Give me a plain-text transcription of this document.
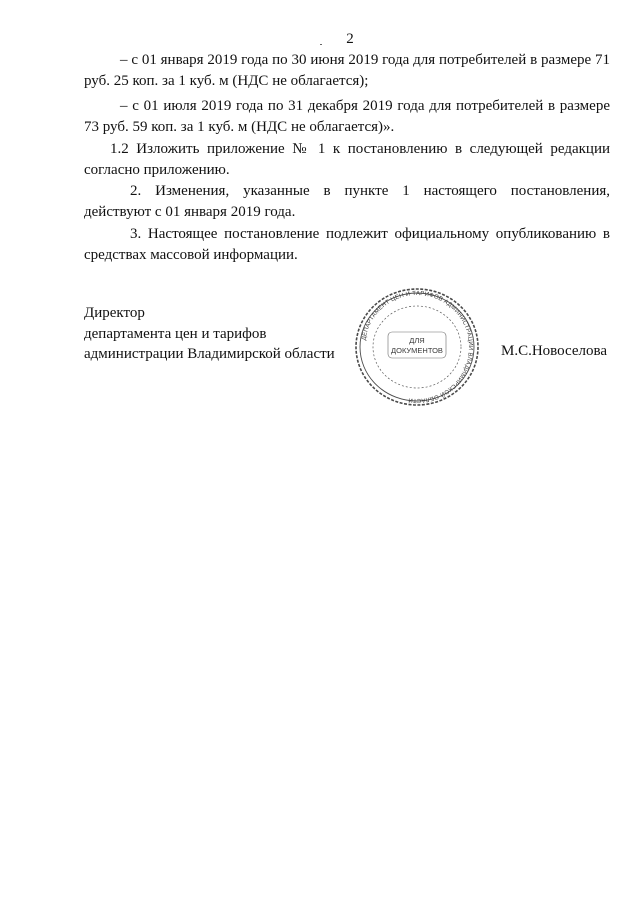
2

– с 01 января 2019 года по 30 июня 2019 года для потребителей в размере 71 руб. 25 коп. за 1 куб. м (НДС не облагается);

– с 01 июля 2019 года по 31 декабря 2019 года для потребителей в размере 73 руб. 59 коп. за 1 куб. м (НДС не облагается)».

1.2 Изложить приложение № 1 к постановлению в следующей редакции согласно приложению.

2. Изменения, указанные в пункте 1 настоящего постановления, действуют с 01 января 2019 года.

3. Настоящее постановление подлежит официальному опубликованию в средствах массовой информации.

Директор
департамента цен и тарифов
администрации Владимирской области
ДЕПАРТАМЕНТ ЦЕН И ТАРИФОВ АДМИНИСТРАЦИИ ВЛАДИМИРСКОЙ ОБЛАСТИ
ДЛЯ
ДОКУМЕНТОВ	М.С.Новоселова
